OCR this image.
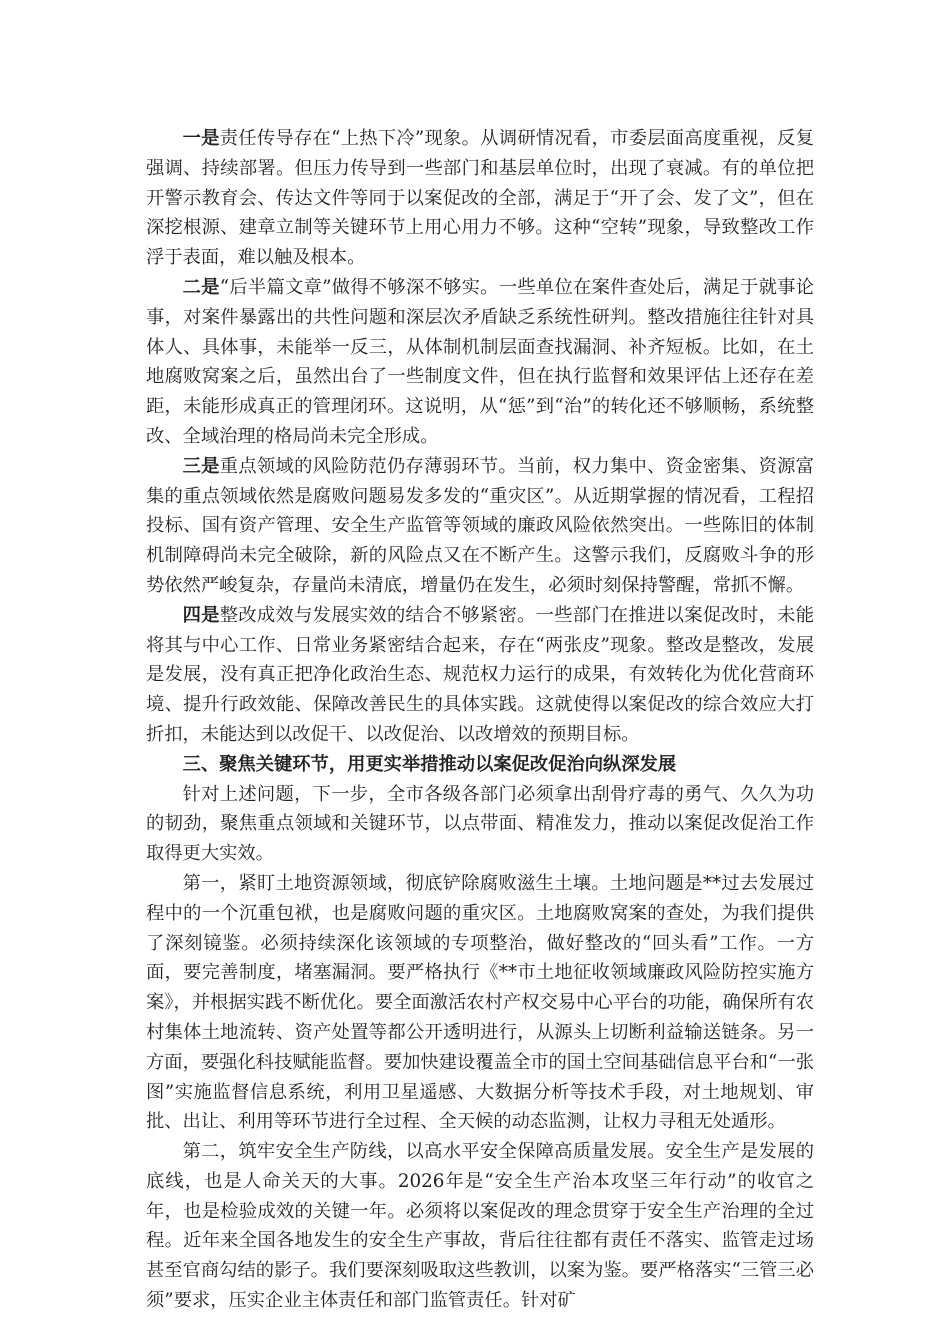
一是责任传导存在“上热下冷”现象。从调研情况看，市委层面高度重视，反复强调、持续部署。但压力传导到一些部门和基层单位时，出现了衰减。有的单位把开警示教育会、传达文件等同于以案促改的全部，满足于“开了会、发了文”，但在深挖根源、建章立制等关键环节上用心用力不够。这种“空转”现象，导致整改工作浮于表面，难以触及根本。

二是“后半篇文章”做得不够深不够实。一些单位在案件查处后，满足于就事论事，对案件暴露出的共性问题和深层次矛盾缺乏系统性研判。整改措施往往针对具体人、具体事，未能举一反三，从体制机制层面查找漏洞、补齐短板。比如，在土地腐败窝案之后，虽然出台了一些制度文件，但在执行监督和效果评估上还存在差距，未能形成真正的管理闭环。这说明，从“惩”到“治”的转化还不够顺畅，系统整改、全域治理的格局尚未完全形成。

三是重点领域的风险防范仍存薄弱环节。当前，权力集中、资金密集、资源富集的重点领域依然是腐败问题易发多发的“重灾区”。从近期掌握的情况看，工程招投标、国有资产管理、安全生产监管等领域的廉政风险依然突出。一些陈旧的体制机制障碍尚未完全破除，新的风险点又在不断产生。这警示我们，反腐败斗争的形势依然严峻复杂，存量尚未清底，增量仍在发生，必须时刻保持警醒，常抓不懈。

四是整改成效与发展实效的结合不够紧密。一些部门在推进以案促改时，未能将其与中心工作、日常业务紧密结合起来，存在“两张皮”现象。整改是整改，发展是发展，没有真正把净化政治生态、规范权力运行的成果，有效转化为优化营商环境、提升行政效能、保障改善民生的具体实践。这就使得以案促改的综合效应大打折扣，未能达到以改促干、以改促治、以改增效的预期目标。

三、聚焦关键环节，用更实举措推动以案促改促治向纵深发展

针对上述问题，下一步，全市各级各部门必须拿出刮骨疗毒的勇气、久久为功的韧劲，聚焦重点领域和关键环节，以点带面、精准发力，推动以案促改促治工作取得更大实效。

第一，紧盯土地资源领域，彻底铲除腐败滋生土壤。土地问题是**过去发展过程中的一个沉重包袱，也是腐败问题的重灾区。土地腐败窝案的查处，为我们提供了深刻镜鉴。必须持续深化该领域的专项整治，做好整改的“回头看”工作。一方面，要完善制度，堵塞漏洞。要严格执行《**市土地征收领域廉政风险防控实施方案》，并根据实践不断优化。要全面激活农村产权交易中心平台的功能，确保所有农村集体土地流转、资产处置等都公开透明进行，从源头上切断利益输送链条。另一方面，要强化科技赋能监督。要加快建设覆盖全市的国土空间基础信息平台和“一张图”实施监督信息系统，利用卫星遥感、大数据分析等技术手段，对土地规划、审批、出让、利用等环节进行全过程、全天候的动态监测，让权力寻租无处遁形。

第二，筑牢安全生产防线，以高水平安全保障高质量发展。安全生产是发展的底线，也是人命关天的大事。2026年是“安全生产治本攻坚三年行动”的收官之年，也是检验成效的关键一年。必须将以案促改的理念贯穿于安全生产治理的全过程。近年来全国各地发生的安全生产事故，背后往往都有责任不落实、监管走过场甚至官商勾结的影子。我们要深刻吸取这些教训，以案为鉴。要严格落实“三管三必须”要求，压实企业主体责任和部门监管责任。针对矿
